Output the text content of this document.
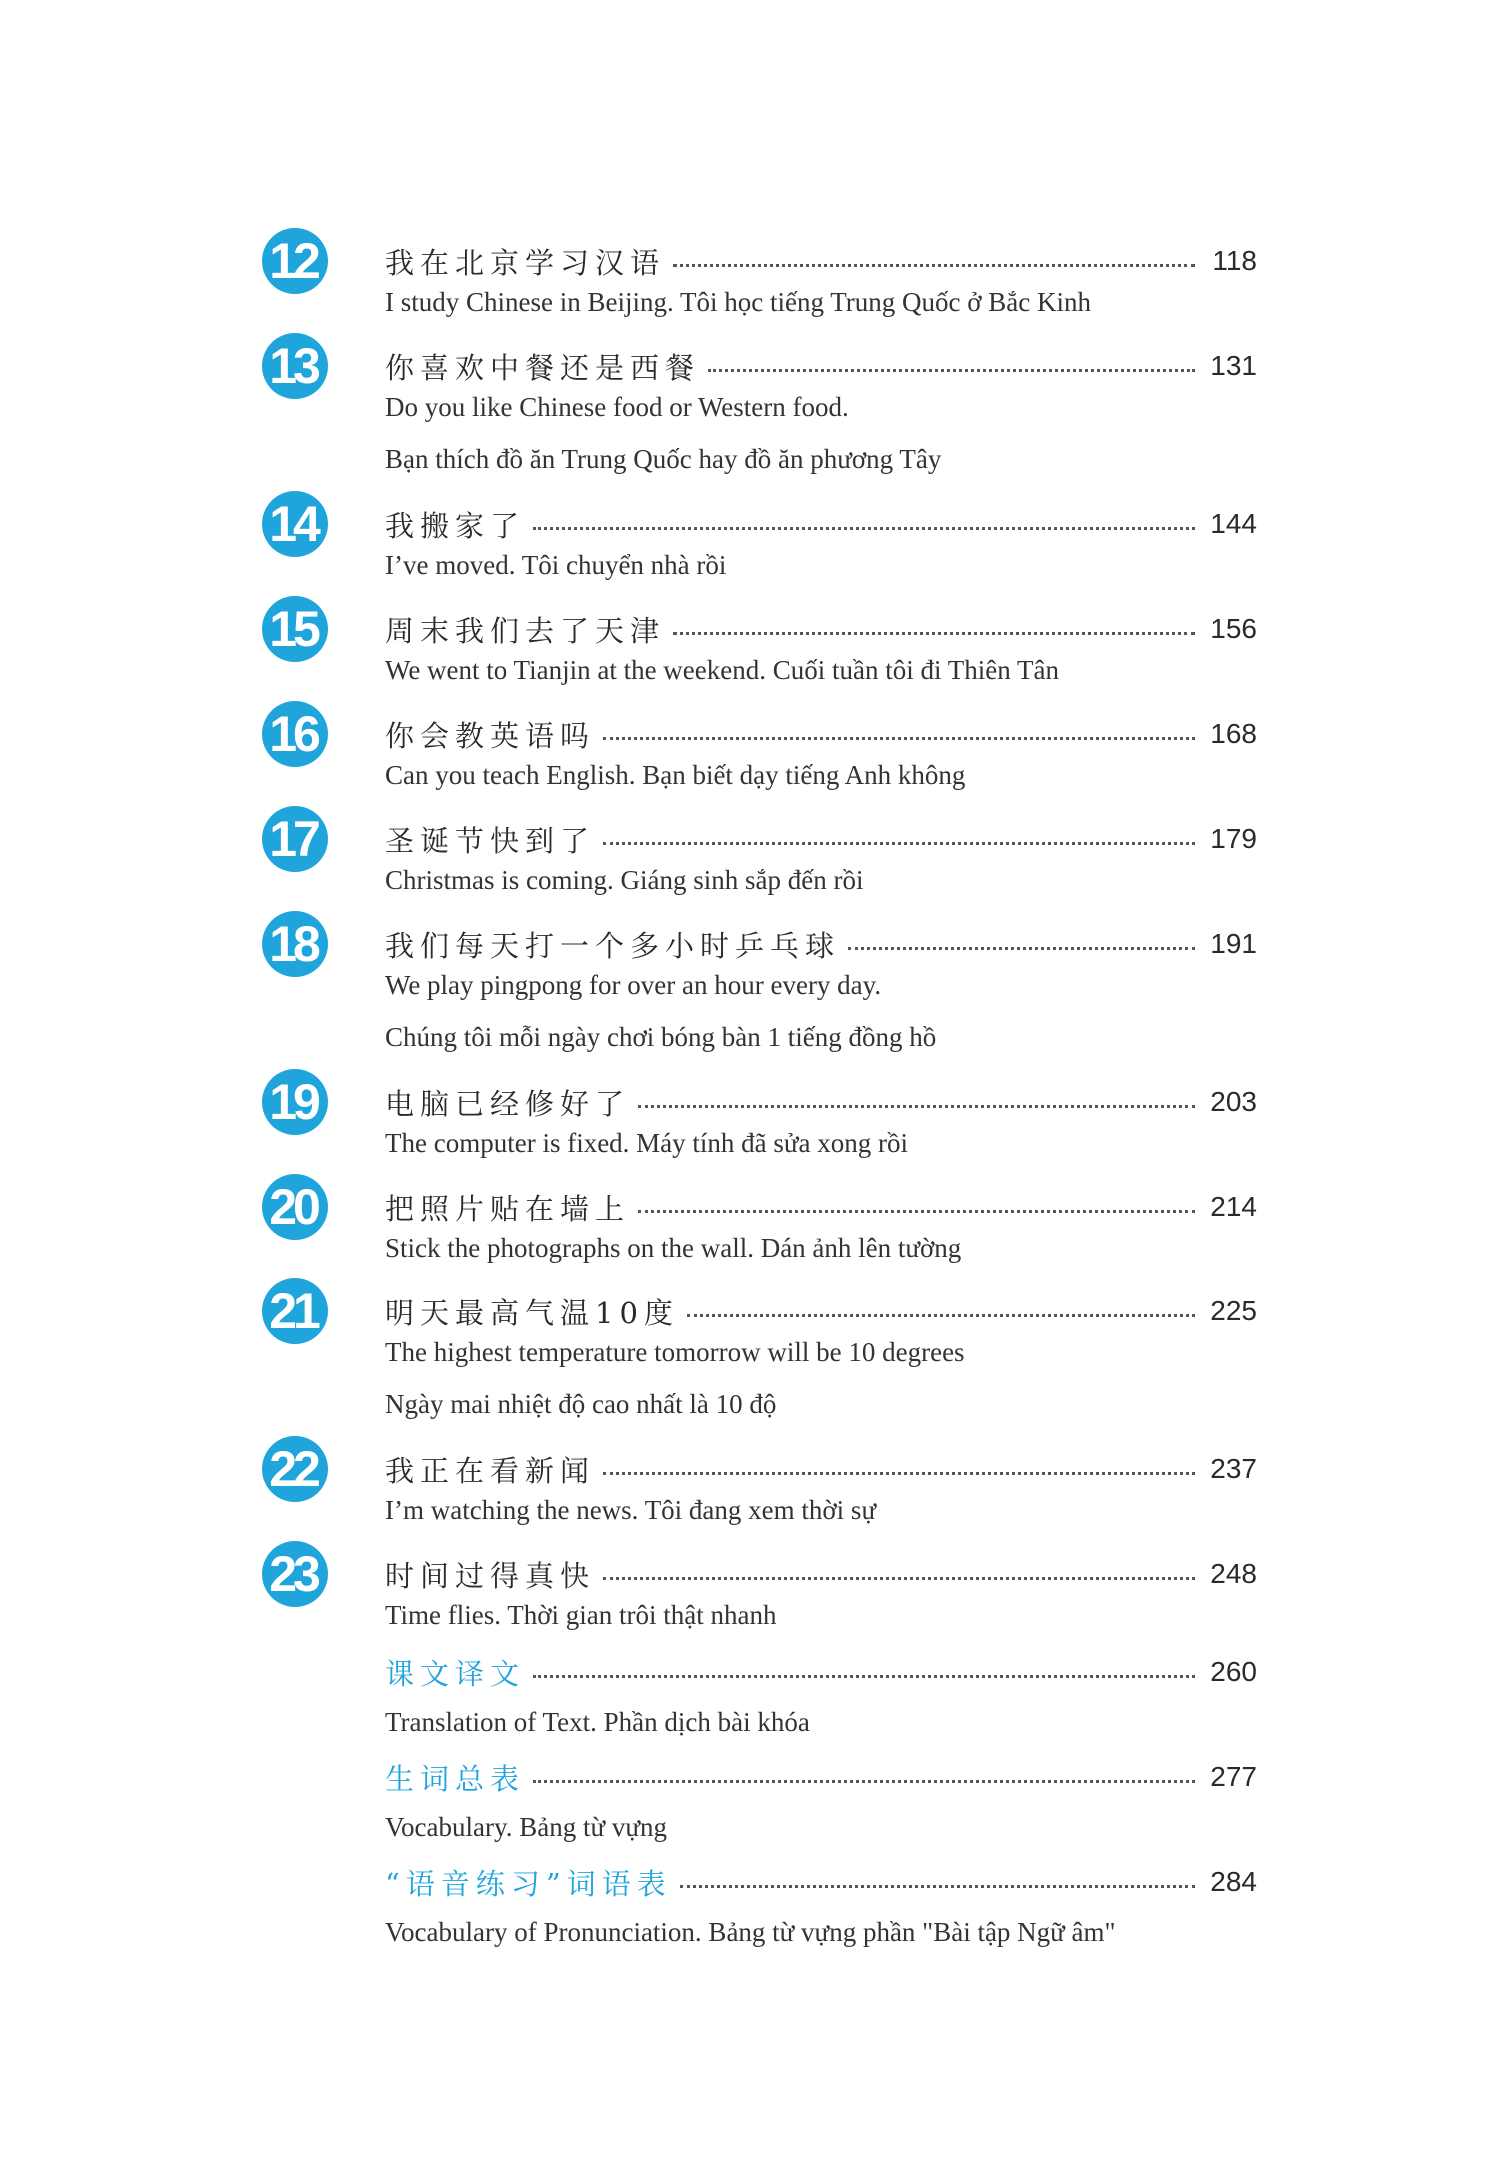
12	我在北京学习汉语	118
I study Chinese in Beijing. Tôi học tiếng Trung Quốc ở Bắc Kinh
13	你喜欢中餐还是西餐	131
Do you like Chinese food or Western food.
Bạn thích đồ ăn Trung Quốc hay đồ ăn phương Tây
14	我搬家了	144
I’ve moved. Tôi chuyển nhà rồi
15	周末我们去了天津	156
We went to Tianjin at the weekend. Cuối tuần tôi đi Thiên Tân
16	你会教英语吗	168
Can you teach English. Bạn biết dạy tiếng Anh không
17	圣诞节快到了	179
Christmas is coming. Giáng sinh sắp đến rồi
18	我们每天打一个多小时乒乓球	191
We play pingpong for over an hour every day.
Chúng tôi mỗi ngày chơi bóng bàn 1 tiếng đồng hồ
19	电脑已经修好了	203
The computer is fixed. Máy tính đã sửa xong rồi
20	把照片贴在墙上	214
Stick the photographs on the wall. Dán ảnh lên tường
21	明天最高气温10度	225
The highest temperature tomorrow will be 10 degrees
Ngày mai nhiệt độ cao nhất là 10 độ
22	我正在看新闻	237
I’m watching the news. Tôi đang xem thời sự
23	时间过得真快	248
Time flies. Thời gian trôi thật nhanh
课文译文	260
Translation of Text. Phần dịch bài khóa
生词总表	277
Vocabulary. Bảng từ vựng
“语音练习”词语表	284
Vocabulary of Pronunciation. Bảng từ vựng phần "Bài tập Ngữ âm"
